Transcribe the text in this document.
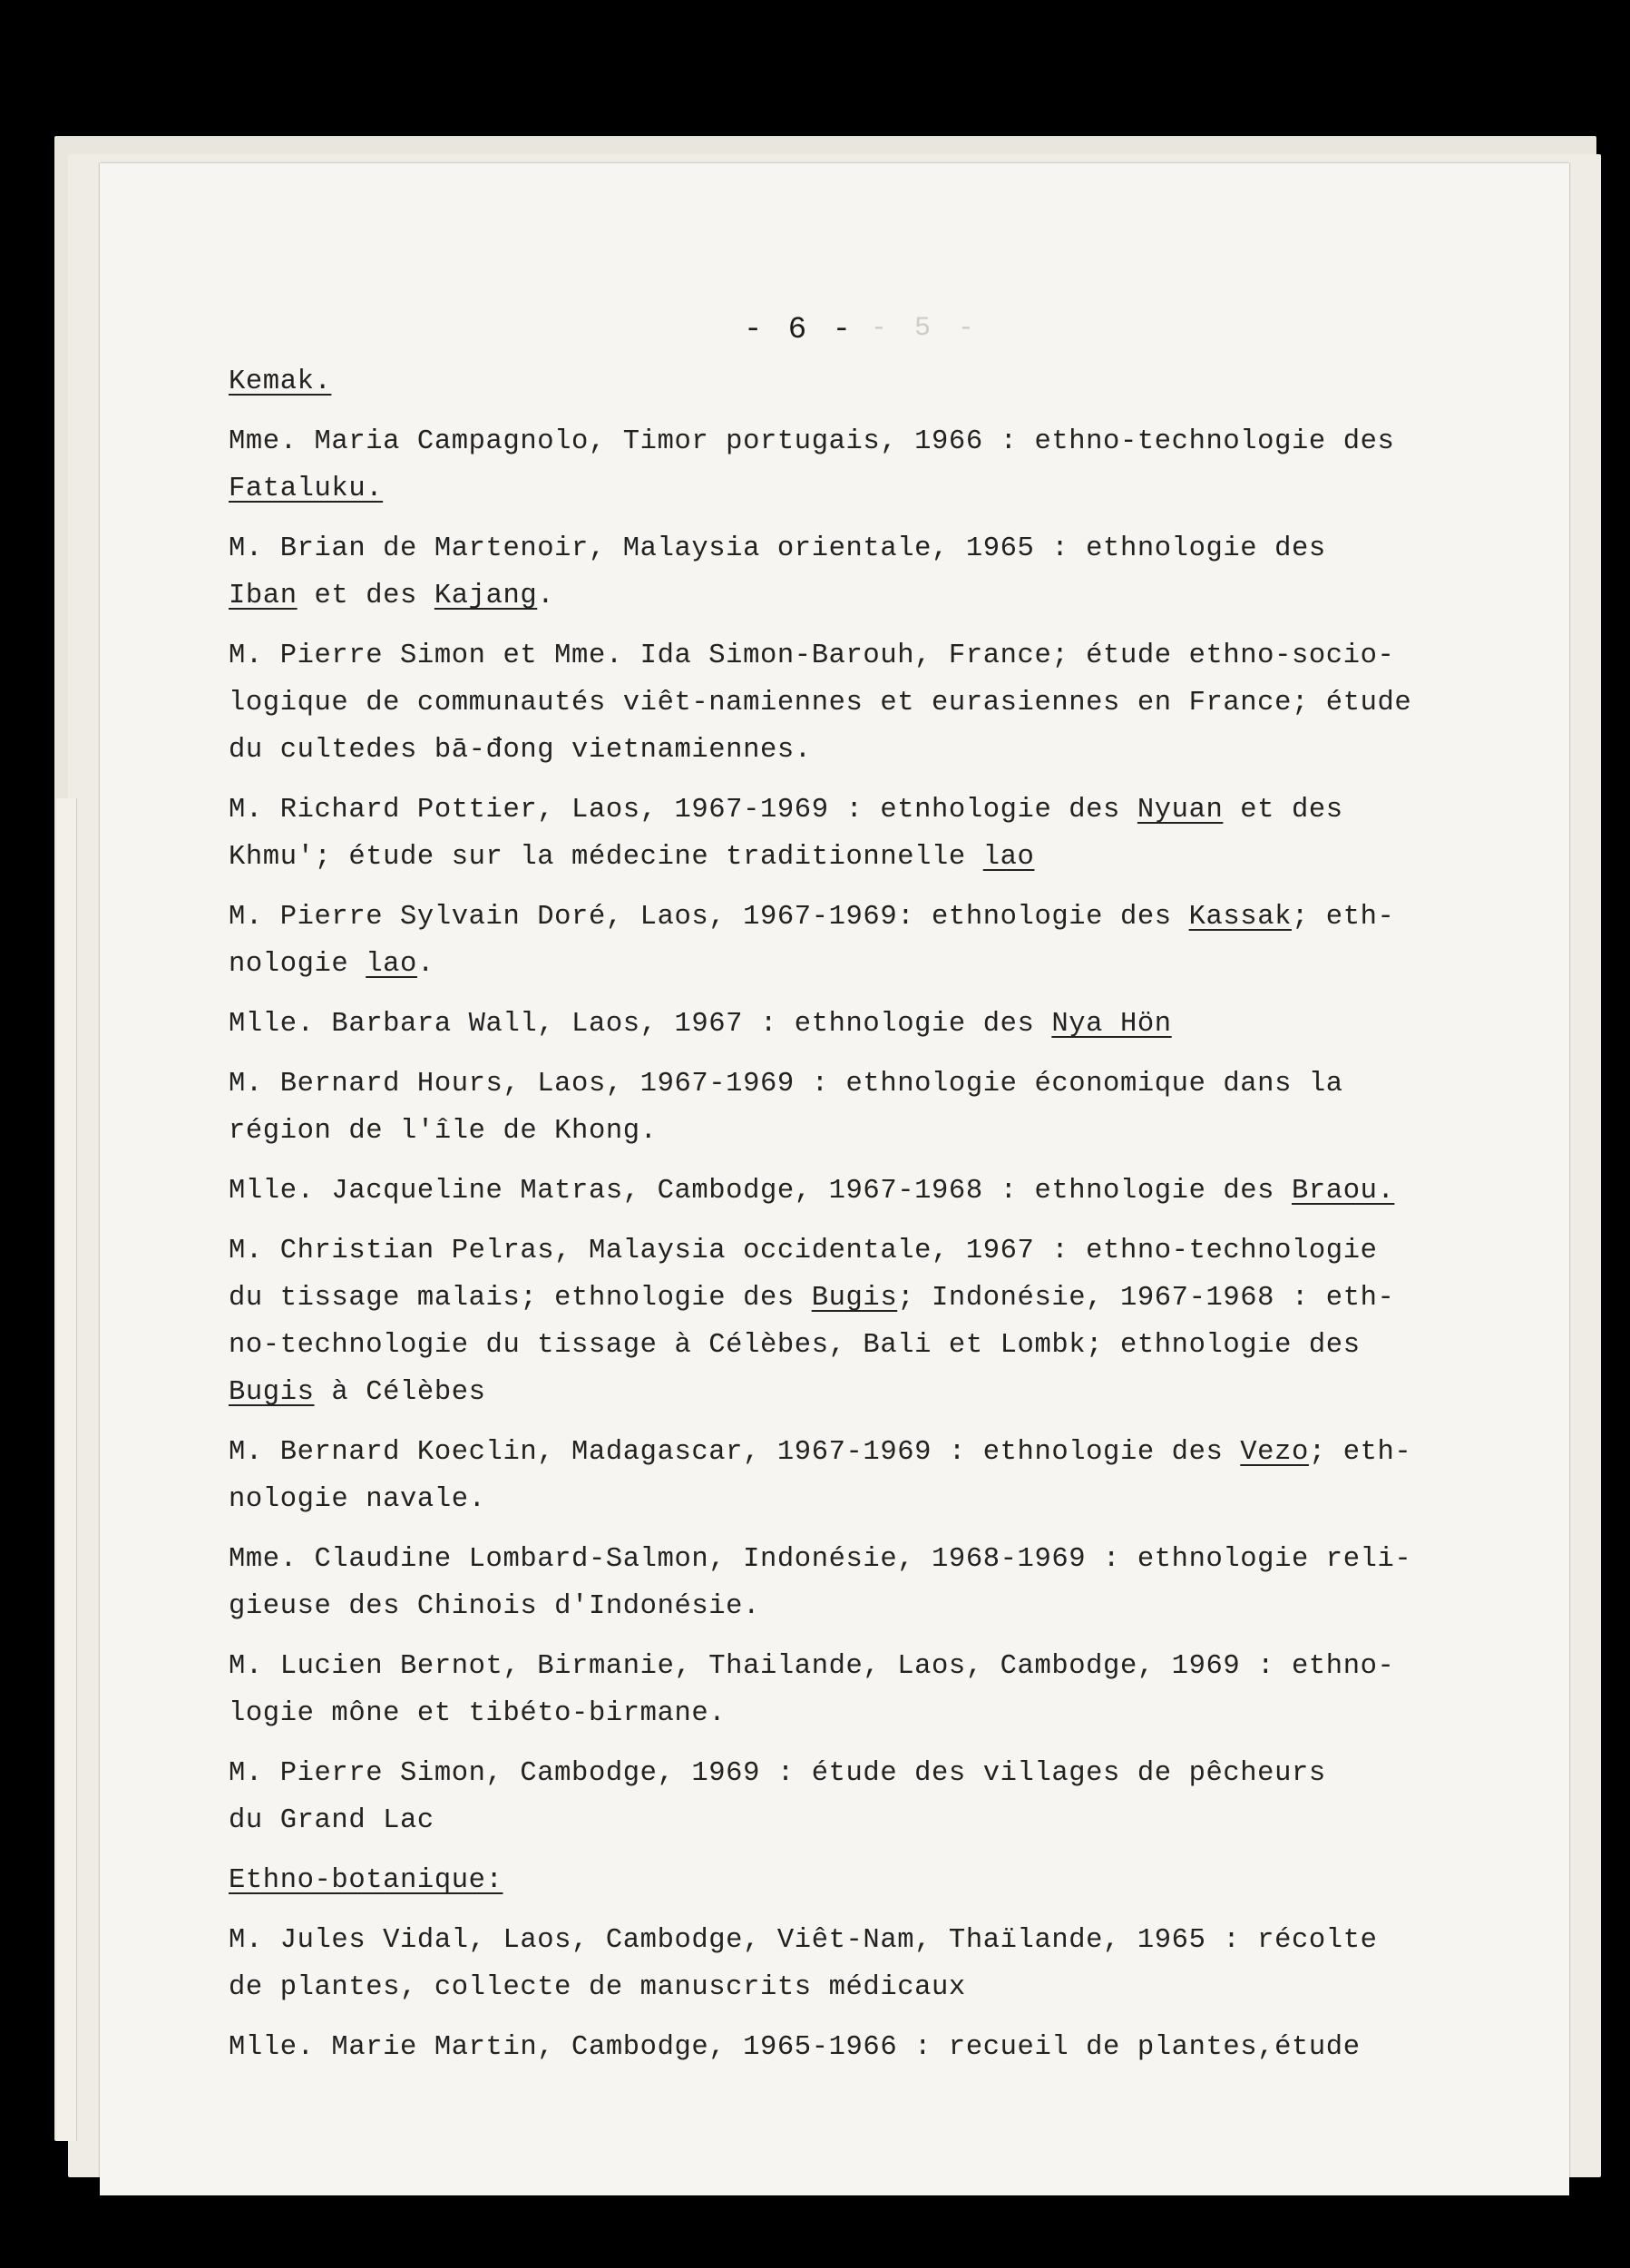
- 5 -
- 6 -
Kemak.
Mme. Maria Campagnolo, Timor portugais, 1966 : ethno-technologie des
Fataluku.
M. Brian de Martenoir, Malaysia orientale, 1965 : ethnologie des
Iban et des Kajang.
M. Pierre Simon et Mme. Ida Simon-Barouh, France; étude ethno-socio-
logique de communautés viêt-namiennes et eurasiennes en France; étude
du cultedes bā-đong vietnamiennes.
M. Richard Pottier, Laos, 1967-1969 : etnhologie des Nyuan et des
Khmu'; étude sur la médecine traditionnelle lao
M. Pierre Sylvain Doré, Laos, 1967-1969: ethnologie des Kassak; eth-
nologie lao.
Mlle. Barbara Wall, Laos, 1967 : ethnologie des Nya Hön
M. Bernard Hours, Laos, 1967-1969 : ethnologie économique dans la
région de l'île de Khong.
Mlle. Jacqueline Matras, Cambodge, 1967-1968 : ethnologie des Braou.
M. Christian Pelras, Malaysia occidentale, 1967 : ethno-technologie
du tissage malais; ethnologie des Bugis; Indonésie, 1967-1968 : eth-
no-technologie du tissage à Célèbes, Bali et Lombk; ethnologie des
Bugis à Célèbes
M. Bernard Koeclin, Madagascar, 1967-1969 : ethnologie des Vezo; eth-
nologie navale.
Mme. Claudine Lombard-Salmon, Indonésie, 1968-1969 : ethnologie reli-
gieuse des Chinois d'Indonésie.
M. Lucien Bernot, Birmanie, Thailande, Laos, Cambodge, 1969 : ethno-
logie mône et tibéto-birmane.
M. Pierre Simon, Cambodge, 1969 : étude des villages de pêcheurs
du Grand Lac
Ethno-botanique:
M. Jules Vidal, Laos, Cambodge, Viêt-Nam, Thaïlande, 1965 : récolte
de plantes, collecte de manuscrits médicaux
Mlle. Marie Martin, Cambodge, 1965-1966 : recueil de plantes,étude
